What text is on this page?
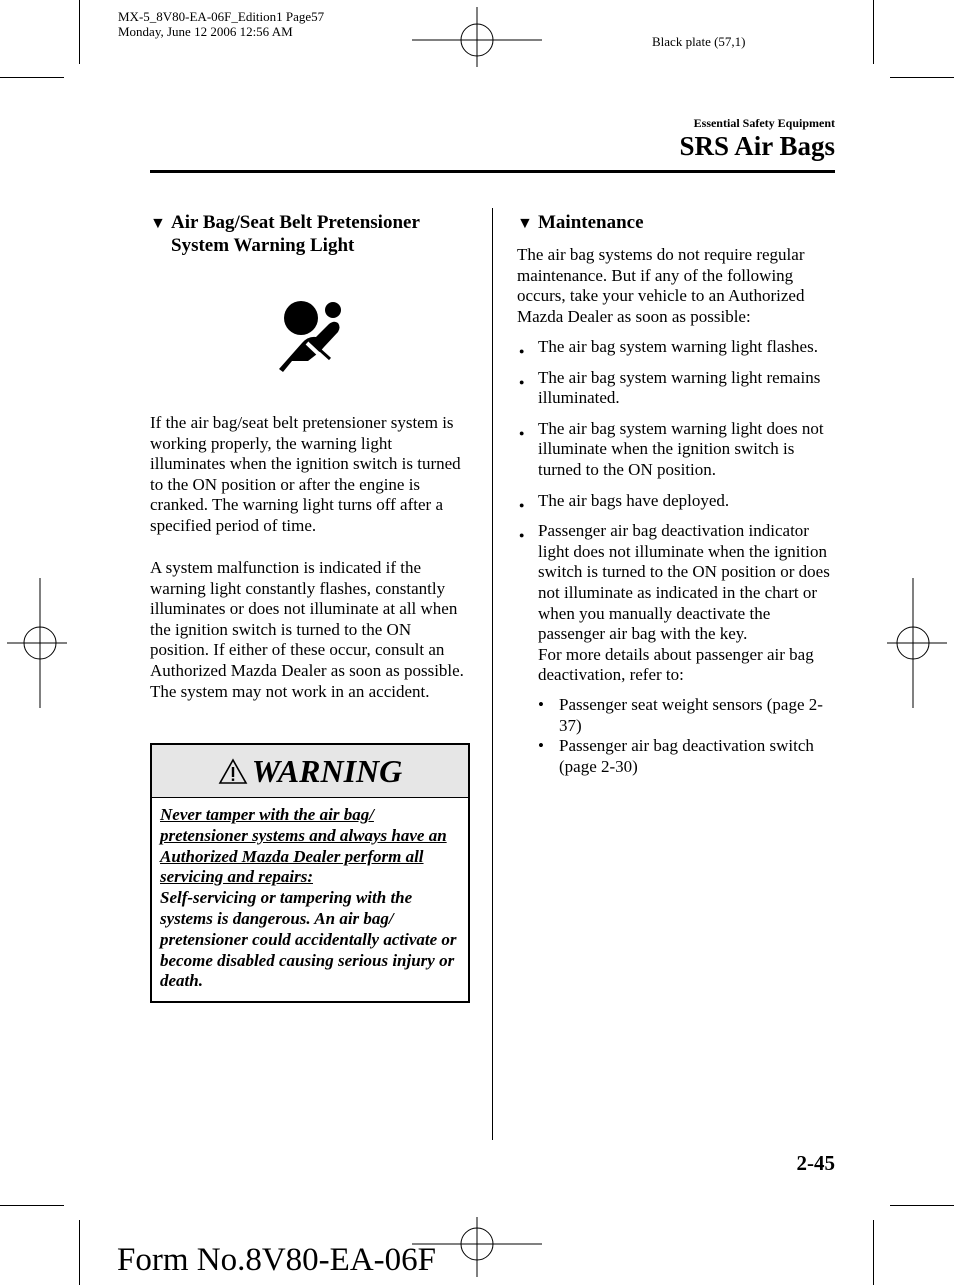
MX-5_8V80-EA-06F_Edition1 Page57
Monday, June 12 2006 12:56 AM
Black plate (57,1)
Essential Safety Equipment
SRS Air Bags
▼ Air Bag/Seat Belt Pretensioner
System Warning Light

If the air bag/seat belt pretensioner system is working properly, the warning light illuminates when the ignition switch is turned to the ON position or after the engine is cranked. The warning light turns off after a specified period of time.

A system malfunction is indicated if the warning light constantly flashes, constantly illuminates or does not illuminate at all when the ignition switch is turned to the ON position. If either of these occur, consult an Authorized Mazda Dealer as soon as possible. The system may not work in an accident.

WARNING
Never tamper with the air bag/ pretensioner systems and always have an Authorized Mazda Dealer perform all servicing and repairs:
Self-servicing or tampering with the systems is dangerous. An air bag/ pretensioner could accidentally activate or become disabled causing serious injury or death.
▼ Maintenance

The air bag systems do not require regular maintenance. But if any of the following occurs, take your vehicle to an Authorized Mazda Dealer as soon as possible:

● The air bag system warning light flashes.
● The air bag system warning light remains illuminated.
● The air bag system warning light does not illuminate when the ignition switch is turned to the ON position.
● The air bags have deployed.
● Passenger air bag deactivation indicator light does not illuminate when the ignition switch is turned to the ON position or does not illuminate as indicated in the chart or when you manually deactivate the passenger air bag with the key.
For more details about passenger air bag deactivation, refer to:
• Passenger seat weight sensors (page 2-37)
• Passenger air bag deactivation switch (page 2-30)
2-45
Form No.8V80-EA-06F
